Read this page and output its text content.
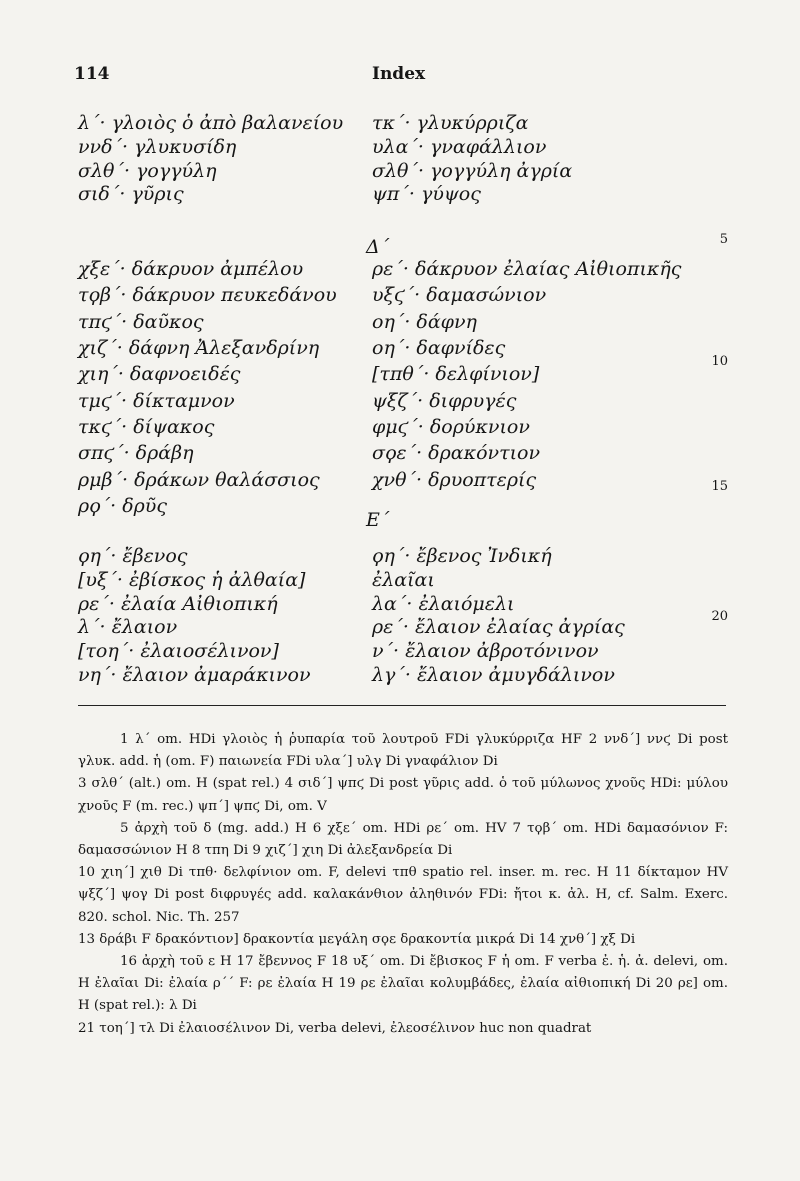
114	Index
λ΄· γλοιὸς ὁ ἀπὸ βαλανείου
ννδ΄· γλυκυσίδη
σλθ΄· γογγύλη
σιδ΄· γῦρις
τκ΄· γλυκύρριζα
υλα΄· γναφάλλιον
σλθ΄· γογγύλη ἀγρία
ψπ΄· γύψος
χξε΄· δάκρυον ἀμπέλου
τϙβ΄· δάκρυον πευκεδάνου
τπϛ΄· δαῦκος
χιζ΄· δάφνη Ἀλεξανδρίνη
χιη΄· δαφνοειδές
τμϛ΄· δίκταμνον
τκϛ΄· δίψακος
σπϛ΄· δράβη
ρμβ΄· δράκων θαλάσσιος
ρϙ΄· δρῦς
ρε΄· δάκρυον ἐλαίας Αἰθιοπικῆς
υξϛ΄· δαμασώνιον
οη΄· δάφνη
οη΄· δαφνίδες
[τπθ΄· δελφίνιον]
ψξζ΄· διφρυγές
φμϛ΄· δορύκνιον
σϙε΄· δρακόντιον
χνθ΄· δρυοπτερίς
ϙη΄· ἔβενος
[υξ΄· ἐβίσκος ἡ ἀλθαία]
ρε΄· ἐλαία Αἰθιοπική
λ΄· ἔλαιον
[τοη΄· ἐλαιοσέλινον]
νη΄· ἔλαιον ἀμαράκινον
ϙη΄· ἔβενος Ἰνδική
ἐλαῖαι
λα΄· ἐλαιόμελι
ρε΄· ἔλαιον ἐλαίας ἀγρίας
ν΄· ἔλαιον ἀβροτόνινον
λγ΄· ἔλαιον ἀμυγδάλινον
Δ΄
Ε΄
5
10
15
20
1 λ΄ om. HDi γλοιὸς ἡ ῥυπαρία τοῦ λουτροῦ FDi γλυκύρριζα HF 2 ννδ΄] ννϛ Di post γλυκ. add. ἡ (om. F) παιωνεία FDi υλα΄] υλγ Di γναφάλιον Di
3 σλθ΄ (alt.) om. H (spat rel.) 4 σιδ΄] ψπϛ Di post γῦρις add. ὁ τοῦ μύλωνος χνοῦς HDi: μύλου χνοῦς F (m. rec.) ψπ΄] ψπϛ Di, om. V
5 ἀρχὴ τοῦ δ (mg. add.) H 6 χξε΄ om. HDi ρε΄ om. HV 7 τϙβ΄ om. HDi δαμασόνιον F: δαμασσώνιον H 8 τπη Di 9 χιζ΄] χιη Di ἀλεξανδρεία Di
10 χιη΄] χιθ Di τπθ· δελφίνιον om. F, delevi τπθ spatio rel. inser. m. rec. H 11 δίκταμον HV ψξζ΄] ψογ Di post διφρυγές add. καλακάνθιον ἀληθινόν FDi: ἤτοι κ. ἀλ. H, cf. Salm. Exerc. 820. schol. Nic. Th. 257
13 δράβι F δρακόντιον] δρακοντία μεγάλη σϙε δρακοντία μικρά Di 14 χνθ΄] χξ Di
16 ἀρχὴ τοῦ ε H 17 ἔβεννος F 18 υξ΄ om. Di ἔβισκος F ἡ om. F verba ἐ. ἡ. ἀ. delevi, om. H ἐλαῖαι Di: ἐλαία ρ΄΄ F: ρε ἐλαία H 19 ρε ἐλαῖαι κολυμβάδες, ἐλαία αἰθιοπική Di 20 ρε] om. H (spat rel.): λ Di
21 τοη΄] τλ Di ἐλαιοσέλινον Di, verba delevi, ἐλεοσέλινον huc non quadrat
